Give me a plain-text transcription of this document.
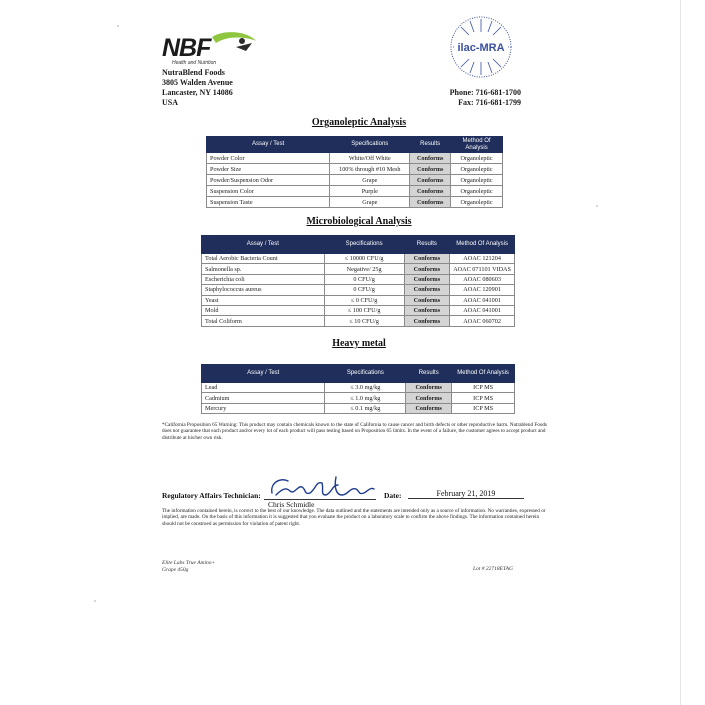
NBF
Health and Nutrition
NutraBlend Foods
3805 Walden Avenue
Lancaster, NY 14086
USA
ilac-MRA
Phone: 716-681-1700
Fax: 716-681-1799
Organoleptic Analysis
Assay / Test	Specifications	Results	Method Of Analysis
Powder Color	White/Off White	Conforms	Organoleptic
Powder Size	100% through #10 Mesh	Conforms	Organoleptic
Powder/Suspension Odor	Grape	Conforms	Organoleptic
Suspension Color	Purple	Conforms	Organoleptic
Suspension Taste	Grape	Conforms	Organoleptic
Microbiological Analysis
Assay / Test	Specifications	Results	Method Of Analysis
Total Aerobic Bacteria Count	≤ 10000 CFU/g	Conforms	AOAC 121204
Salmonella sp.	Negative/ 25g	Conforms	AOAC 071101 VIDAS
Escherichia coli	0 CFU/g	Conforms	AOAC 080603
Staphylococcus aureus	0 CFU/g	Conforms	AOAC 120901
Yeast	≤ 0 CFU/g	Conforms	AOAC 041001
Mold	≤ 100 CFU/g	Conforms	AOAC 041001
Total Coliform	≤ 10 CFU/g	Conforms	AOAC 060702
Heavy metal
Assay / Test	Specifications	Results	Method Of Analysis
Lead	≤ 3.0 mg/kg	Conforms	ICP MS
Cadmium	≤ 1.0 mg/kg	Conforms	ICP MS
Mercury	≤ 0.1 mg/kg	Conforms	ICP MS
*California Proposition 65 Warning: This product may contain chemicals known to the state of California to cause cancer and birth defects or other reproductive harm. Nutrablend Foods does not guarantee that each product and/or every lot of each product will pass testing based on Proposition 65 limits. In the event of a failure, the customer agrees to accept product and distribute at his/her own risk.
Regulatory Affairs Technician:	Date:	February 21, 2019
Chris Schmidle
The information contained herein, is correct to the best of our knowledge. The data outlined and the statements are intended only as a source of information. No warranties, expressed or implied, are made. On the basis of this information it is suggested that you evaluate the product on a laboratory scale to confirm the above findings. The information contained herein should not be construed as permission for violation of patent right.
Elite Labs True Amino+
Grape 450g	Lot # 22718ETAG
